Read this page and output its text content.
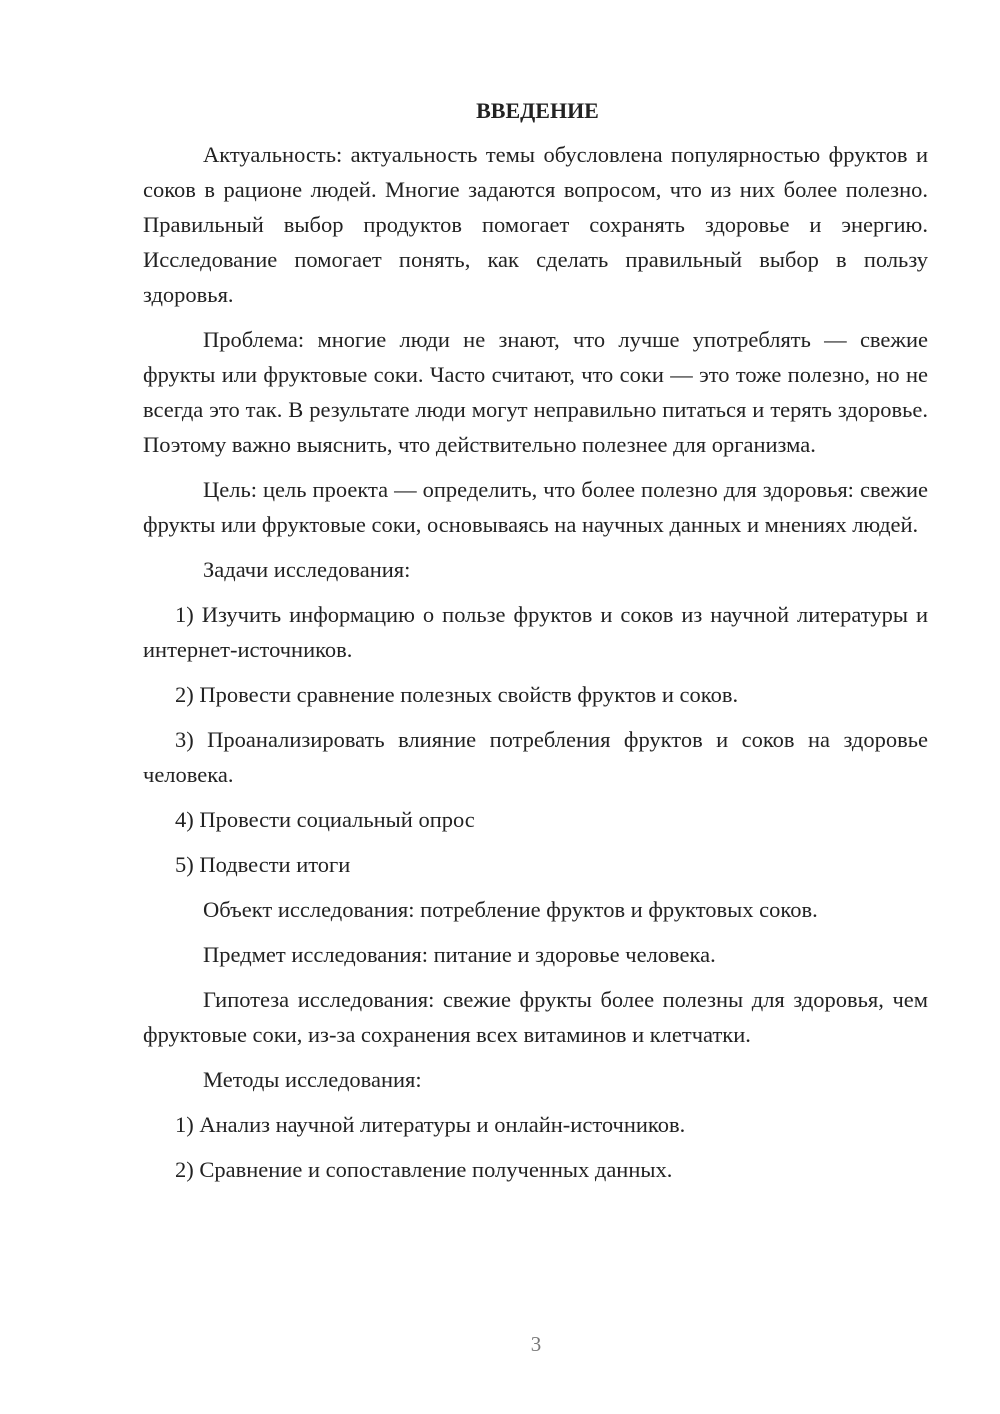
ВВЕДЕНИЕ

Актуальность: актуальность темы обусловлена популярностью фруктов и соков в рационе людей. Многие задаются вопросом, что из них более полезно. Правильный выбор продуктов помогает сохранять здоровье и энергию. Исследование помогает понять, как сделать правильный выбор в пользу здоровья.

Проблема: многие люди не знают, что лучше употреблять — свежие фрукты или фруктовые соки. Часто считают, что соки — это тоже полезно, но не всегда это так. В результате люди могут неправильно питаться и терять здоровье. Поэтому важно выяснить, что действительно полезнее для организма.

Цель: цель проекта — определить, что более полезно для здоровья: свежие фрукты или фруктовые соки, основываясь на научных данных и мнениях людей.

Задачи исследования:

1) Изучить информацию о пользе фруктов и соков из научной литературы и интернет-источников.

2) Провести сравнение полезных свойств фруктов и соков.

3) Проанализировать влияние потребления фруктов и соков на здоровье человека.

4) Провести социальный опрос

5) Подвести итоги

Объект исследования: потребление фруктов и фруктовых соков.

Предмет исследования: питание и здоровье человека.

Гипотеза исследования: свежие фрукты более полезны для здоровья, чем фруктовые соки, из-за сохранения всех витаминов и клетчатки.

Методы исследования:

1) Анализ научной литературы и онлайн-источников.

2) Сравнение и сопоставление полученных данных.

3
